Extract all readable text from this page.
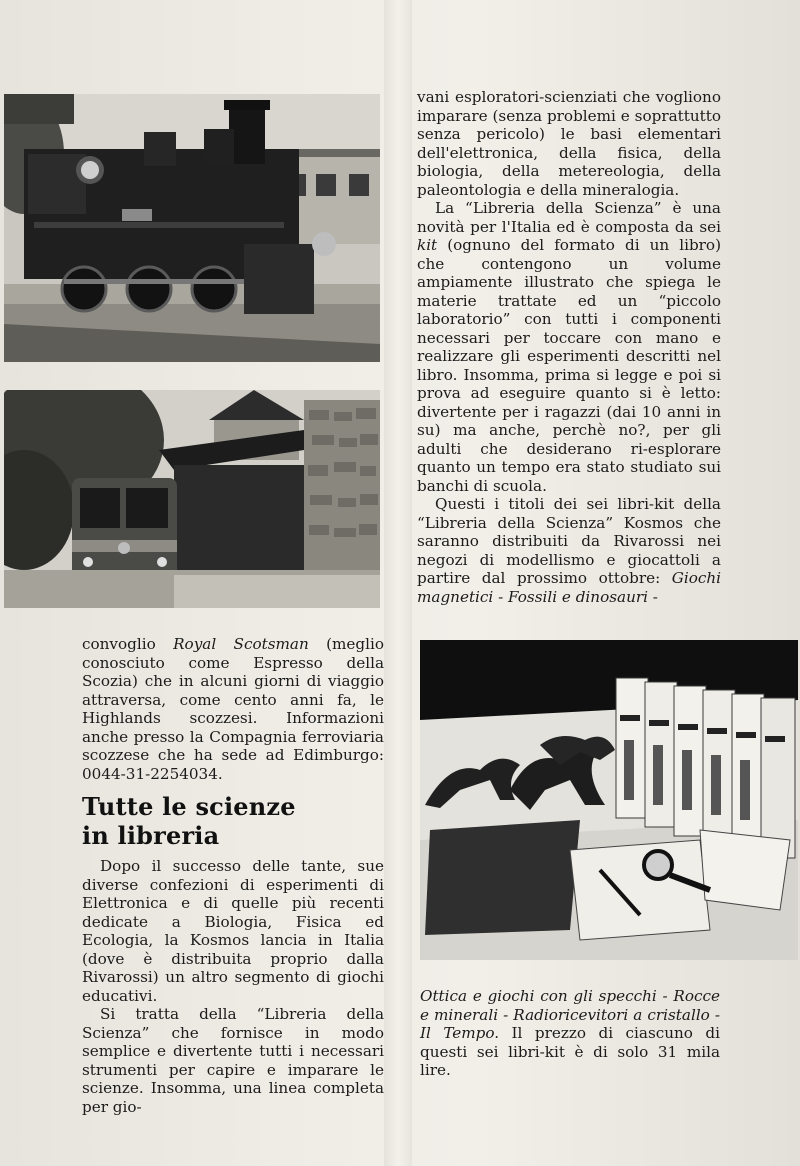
convoglio Royal Scotsman (meglio conosciuto come Espresso della Scozia) che in alcuni giorni di viaggio attraversa, come cento anni fa, le Highlands scozzesi. Informazioni anche presso la Compagnia ferroviaria scozzese che ha sede ad Edimburgo: 0044-31-2254034.

Tutte le scienze
in libreria

Dopo il successo delle tante, sue diverse confezioni di esperimenti di Elettronica e di quelle più recenti dedicate a Biologia, Fisica ed Ecologia, la Kosmos lancia in Italia (dove è distribuita proprio dalla Rivarossi) un altro segmento di giochi educativi.

Si tratta della “Libreria della Scienza” che fornisce in modo semplice e divertente tutti i necessari strumenti per capire e imparare le scienze. Insomma, una linea completa per gio-

vani esploratori-scienziati che vogliono imparare (senza problemi e soprattutto senza pericolo) le basi elementari dell'elettronica, della fisica, della biologia, della metereologia, della paleontologia e della mineralogia.

La “Libreria della Scienza” è una novità per l'Italia ed è composta da sei kit (ognuno del formato di un libro) che contengono un volume ampiamente illustrato che spiega le materie trattate ed un “piccolo laboratorio” con tutti i componenti necessari per toccare con mano e realizzare gli esperimenti descritti nel libro. Insomma, prima si legge e poi si prova ad eseguire quanto si è letto: divertente per i ragazzi (dai 10 anni in su) ma anche, perchè no?, per gli adulti che desiderano ri-esplorare quanto un tempo era stato studiato sui banchi di scuola.

Questi i titoli dei sei libri-kit della “Libreria della Scienza” Kosmos che saranno distribuiti da Rivarossi nei negozi di modellismo e giocattoli a partire dal prossimo ottobre: Giochi magnetici - Fossili e dinosauri -

Ottica e giochi con gli specchi - Rocce e minerali - Radioricevitori a cristallo - Il Tempo. Il prezzo di ciascuno di questi sei libri-kit è di solo 31 mila lire.
